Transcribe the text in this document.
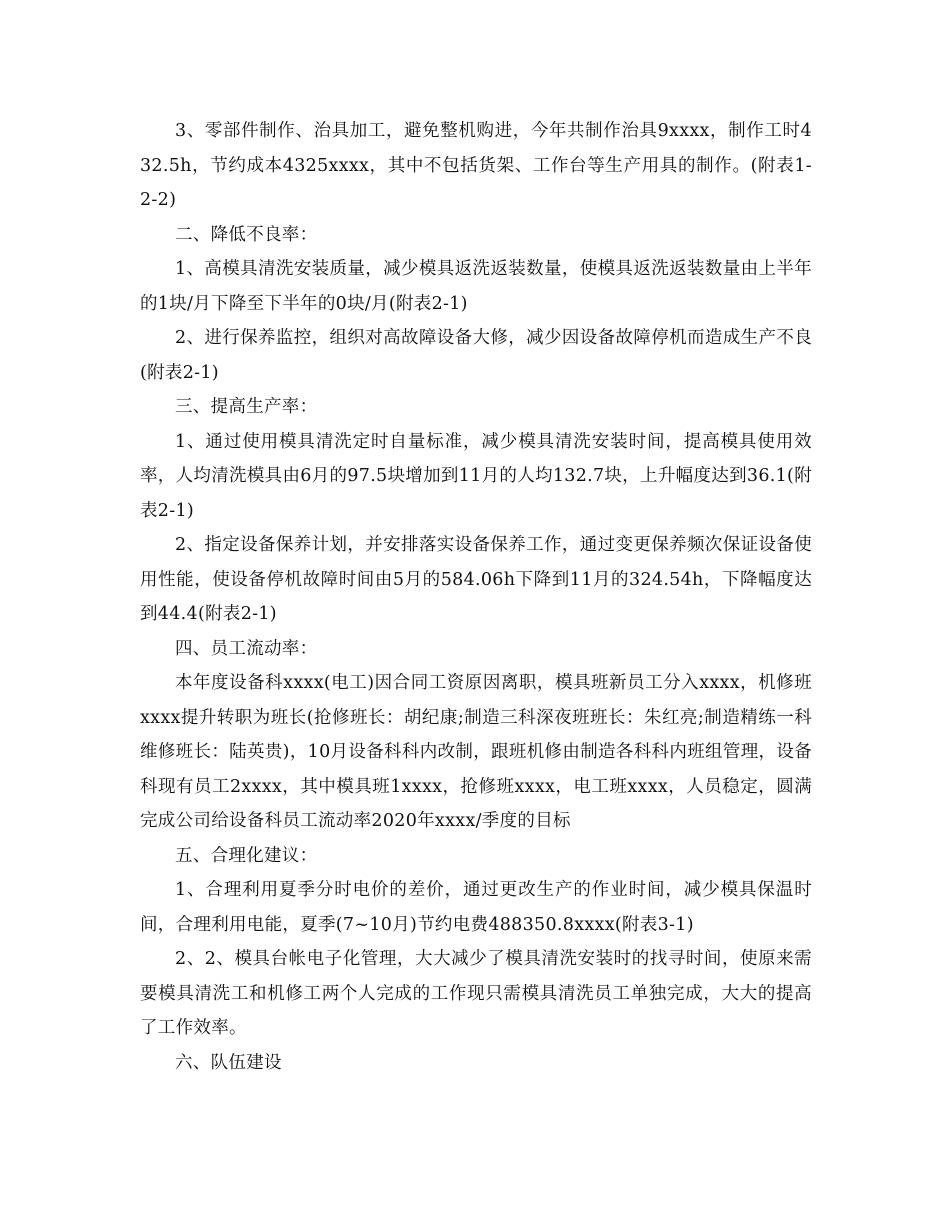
3、零部件制作、治具加工，避免整机购进，今年共制作治具9xxxx，制作工时432.5h，节约成本4325xxxx，其中不包括货架、工作台等生产用具的制作。(附表1-2-2)

二、降低不良率：

1、高模具清洗安装质量，减少模具返洗返装数量，使模具返洗返装数量由上半年的1块/月下降至下半年的0块/月(附表2-1)

2、进行保养监控，组织对高故障设备大修，减少因设备故障停机而造成生产不良(附表2-1)

三、提高生产率：

1、通过使用模具清洗定时自量标准，减少模具清洗安装时间，提高模具使用效率，人均清洗模具由6月的97.5块增加到11月的人均132.7块，上升幅度达到36.1(附表2-1)

2、指定设备保养计划，并安排落实设备保养工作，通过变更保养频次保证设备使用性能，使设备停机故障时间由5月的584.06h下降到11月的324.54h，下降幅度达到44.4(附表2-1)

四、员工流动率：

本年度设备科xxxx(电工)因合同工资原因离职，模具班新员工分入xxxx，机修班xxxx提升转职为班长(抢修班长：胡纪康;制造三科深夜班班长：朱红亮;制造精练一科维修班长：陆英贵)，10月设备科科内改制，跟班机修由制造各科科内班组管理，设备科现有员工2xxxx，其中模具班1xxxx，抢修班xxxx，电工班xxxx，人员稳定，圆满完成公司给设备科员工流动率2020年xxxx/季度的目标

五、合理化建议：

1、合理利用夏季分时电价的差价，通过更改生产的作业时间，减少模具保温时间，合理利用电能，夏季(7~10月)节约电费488350.8xxxx(附表3-1)

2、2、模具台帐电子化管理，大大减少了模具清洗安装时的找寻时间，使原来需要模具清洗工和机修工两个人完成的工作现只需模具清洗员工单独完成，大大的提高了工作效率。

六、队伍建设
